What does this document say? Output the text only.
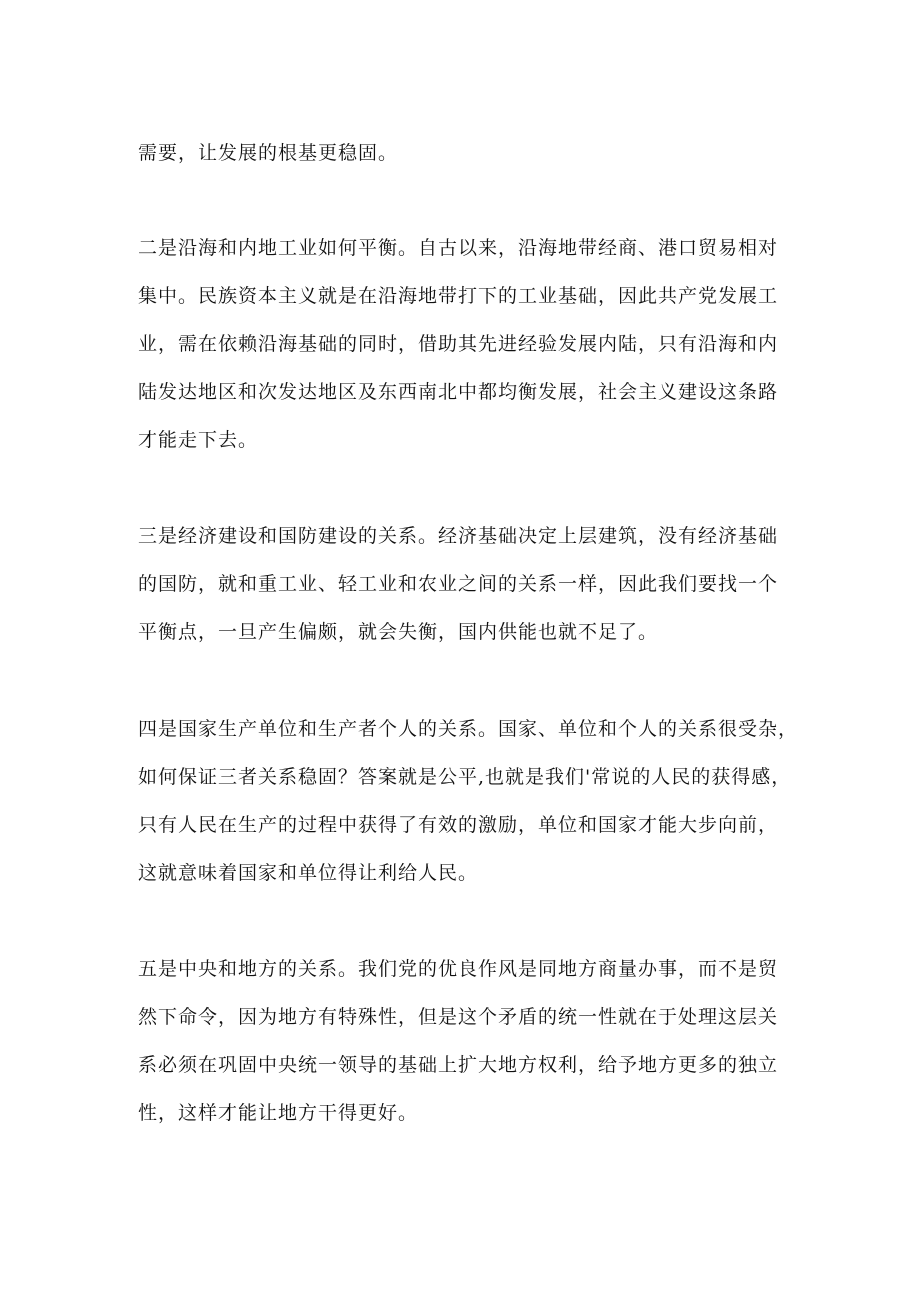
需要，让发展的根基更稳固。
二是沿海和内地工业如何平衡。自古以来，沿海地带经商、港口贸易相对
集中。民族资本主义就是在沿海地带打下的工业基础，因此共产党发展工
业，需在依赖沿海基础的同时，借助其先进经验发展内陆，只有沿海和内
陆发达地区和次发达地区及东西南北中都均衡发展，社会主义建设这条路
才能走下去。
三是经济建设和国防建设的关系。经济基础决定上层建筑，没有经济基础
的国防，就和重工业、轻工业和农业之间的关系一样，因此我们要找一个
平衡点，一旦产生偏颇，就会失衡，国内供能也就不足了。
四是国家生产单位和生产者个人的关系。国家、单位和个人的关系很受杂，
如何保证三者关系稳固？答案就是公平,也就是我们'常说的人民的获得感，
只有人民在生产的过程中获得了有效的激励，单位和国家才能大步向前，
这就意味着国家和单位得让利给人民。
五是中央和地方的关系。我们党的优良作风是同地方商量办事，而不是贸
然下命令，因为地方有特殊性，但是这个矛盾的统一性就在于处理这层关
系必须在巩固中央统一领导的基础上扩大地方权利，给予地方更多的独立
性，这样才能让地方干得更好。
